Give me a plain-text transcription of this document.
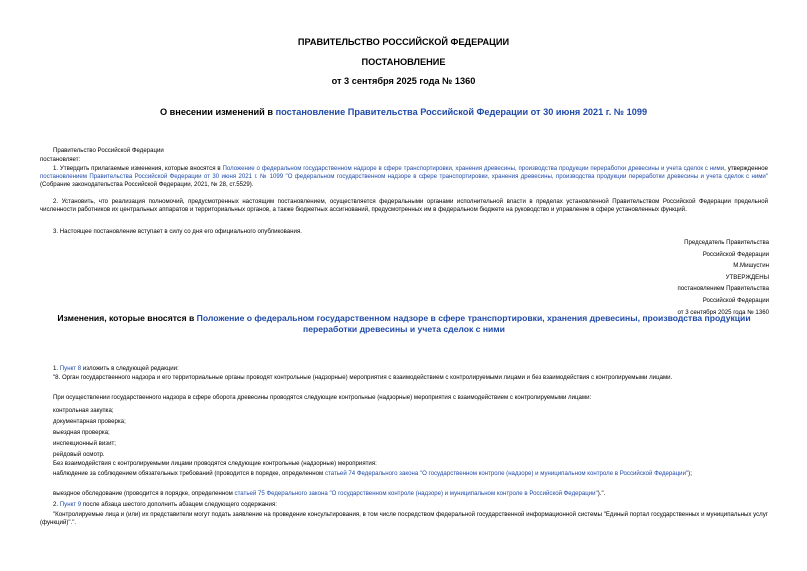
ПРАВИТЕЛЬСТВО РОССИЙСКОЙ ФЕДЕРАЦИИ
ПОСТАНОВЛЕНИЕ
от 3 сентября 2025 года № 1360
О внесении изменений в постановление Правительства Российской Федерации от 30 июня 2021 г. № 1099
Правительство Российской Федерации
постановляет:
1. Утвердить прилагаемые изменения, которые вносятся в Положение о федеральном государственном надзоре в сфере транспортировки, хранения древесины, производства продукции переработки древесины и учета сделок с ними, утвержденное постановлением Правительства Российской Федерации от 30 июня 2021 г. № 1099 "О федеральном государственном надзоре в сфере транспортировки, хранения древесины, производства продукции переработки древесины и учета сделок с ними" (Собрание законодательства Российской Федерации, 2021, № 28, ст.5529).
2. Установить, что реализация полномочий, предусмотренных настоящим постановлением, осуществляется федеральными органами исполнительной власти в пределах установленной Правительством Российской Федерации предельной численности работников их центральных аппаратов и территориальных органов, а также бюджетных ассигнований, предусмотренных им в федеральном бюджете на руководство и управление в сфере установленных функций.
3. Настоящее постановление вступает в силу со дня его официального опубликования.
Председатель Правительства
Российской Федерации
М.Мишустин
УТВЕРЖДЕНЫ
постановлением Правительства
Российской Федерации
от 3 сентября 2025 года № 1360
Изменения, которые вносятся в Положение о федеральном государственном надзоре в сфере транспортировки, хранения древесины, производства продукции переработки древесины и учета сделок с ними
1. Пункт 8 изложить в следующей редакции:
"8. Орган государственного надзора и его территориальные органы проводят контрольные (надзорные) мероприятия с взаимодействием с контролируемыми лицами и без взаимодействия с контролируемыми лицами.
При осуществлении государственного надзора в сфере оборота древесины проводятся следующие контрольные (надзорные) мероприятия с взаимодействием с контролируемыми лицами:
контрольная закупка;
документарная проверка;
выездная проверка;
инспекционный визит;
рейдовый осмотр.
Без взаимодействия с контролируемыми лицами проводятся следующие контрольные (надзорные) мероприятия:
наблюдение за соблюдением обязательных требований (проводится в порядке, определенном статьей 74 Федерального закона "О государственном контроле (надзоре) и муниципальном контроле в Российской Федерации");
выездное обследование (проводится в порядке, определенном статьей 75 Федерального закона "О государственном контроле (надзоре) и муниципальном контроле в Российской Федерации").".
2. Пункт 9 после абзаца шестого дополнить абзацем следующего содержания:
"Контролируемые лица и (или) их представители могут подать заявление на проведение консультирования, в том числе посредством федеральной государственной информационной системы "Единый портал государственных и муниципальных услуг (функций)".".
